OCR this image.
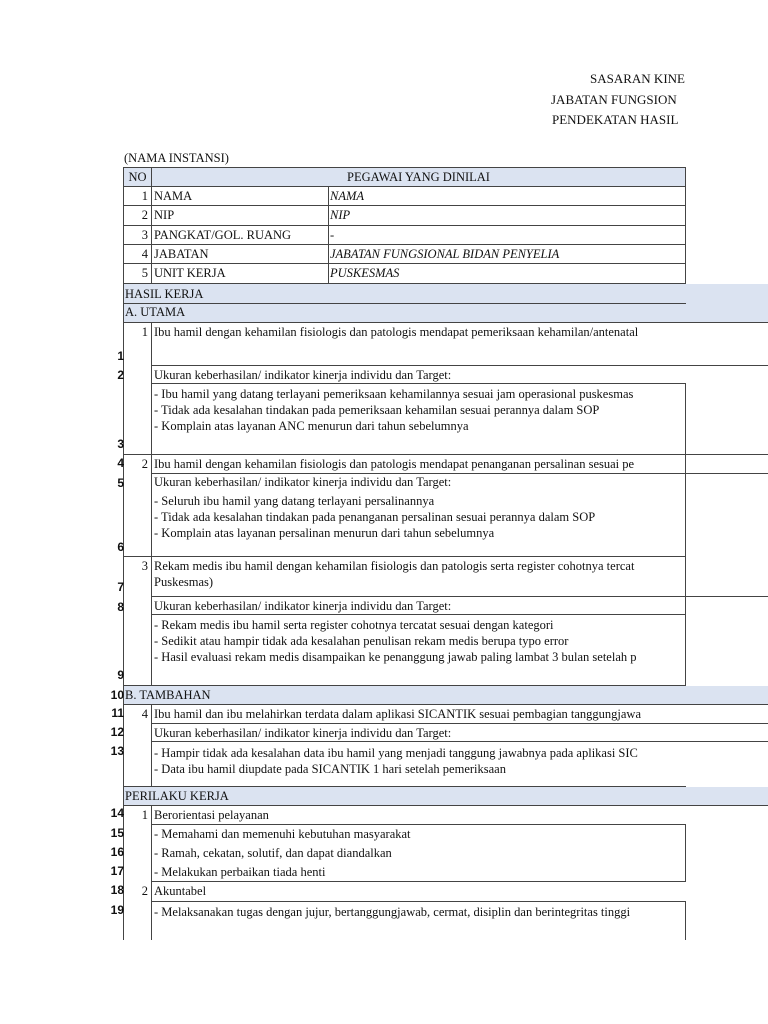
SASARAN KINE
JABATAN FUNGSION
PENDEKATAN HASIL
(NAMA INSTANSI)
NO	PEGAWAI YANG DINILAI
1 NAMA	NAMA
2 NIP	NIP
3 PANGKAT/GOL. RUANG	-
4 JABATAN	JABATAN FUNGSIONAL BIDAN PENYELIA
5 UNIT KERJA	PUSKESMAS
HASIL KERJA
A. UTAMA
1 Ibu hamil dengan kehamilan fisiologis dan patologis mendapat pemeriksaan kehamilan/antenatal
Ukuran keberhasilan/ indikator kinerja individu dan Target:
- Ibu hamil yang datang terlayani pemeriksaan kehamilannya sesuai jam operasional puskesmas
- Tidak ada kesalahan tindakan pada pemeriksaan kehamilan sesuai perannya dalam SOP
- Komplain atas layanan ANC menurun dari tahun sebelumnya
2 Ibu hamil dengan kehamilan fisiologis dan patologis mendapat penanganan persalinan sesuai pe
Ukuran keberhasilan/ indikator kinerja individu dan Target:
- Seluruh ibu hamil yang datang terlayani persalinannya
- Tidak ada kesalahan tindakan pada penanganan persalinan sesuai perannya dalam SOP
- Komplain atas layanan persalinan menurun dari tahun sebelumnya
3 Rekam medis ibu hamil dengan kehamilan fisiologis dan patologis serta register cohotnya tercat
Puskesmas)
Ukuran keberhasilan/ indikator kinerja individu dan Target:
- Rekam medis ibu hamil serta register cohotnya tercatat sesuai dengan kategori
- Sedikit atau hampir tidak ada kesalahan penulisan rekam medis berupa typo error
- Hasil evaluasi rekam medis disampaikan ke penanggung jawab paling lambat 3 bulan setelah p
B. TAMBAHAN
4 Ibu hamil dan ibu melahirkan terdata dalam aplikasi SICANTIK sesuai pembagian tanggungjawa
Ukuran keberhasilan/ indikator kinerja individu dan Target:
- Hampir tidak ada kesalahan data ibu hamil yang menjadi tanggung jawabnya pada aplikasi SIC
- Data ibu hamil diupdate pada SICANTIK 1 hari setelah pemeriksaan
PERILAKU KERJA
1 Berorientasi pelayanan
- Memahami dan memenuhi kebutuhan masyarakat
- Ramah, cekatan, solutif, dan dapat diandalkan
- Melakukan perbaikan tiada henti
2 Akuntabel
- Melaksanakan tugas dengan jujur, bertanggungjawab, cermat, disiplin dan berintegritas tinggi
1
2
3
4
5
6
7
8
9
10
11
12
13
14
15
16
17
18
19
